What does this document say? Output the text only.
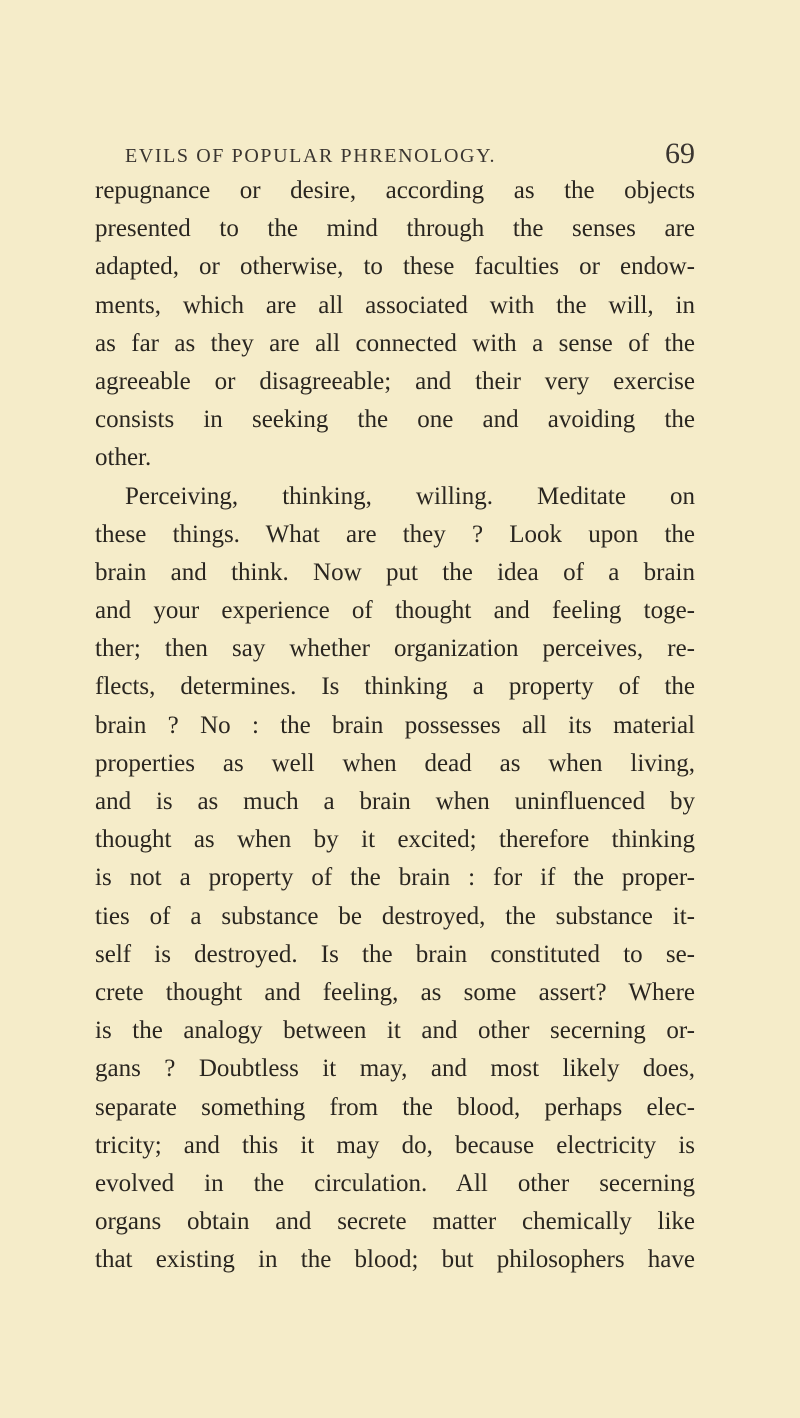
EVILS OF POPULAR PHRENOLOGY.	69
repugnance or desire, according as the objects
presented to the mind through the senses are
adapted, or otherwise, to these faculties or endow-
ments, which are all associated with the will, in
as far as they are all connected with a sense of the
agreeable or disagreeable; and their very exercise
consists in seeking the one and avoiding the
other.
Perceiving, thinking, willing. Meditate on
these things. What are they ? Look upon the
brain and think. Now put the idea of a brain
and your experience of thought and feeling toge-
ther; then say whether organization perceives, re-
flects, determines. Is thinking a property of the
brain ? No : the brain possesses all its material
properties as well when dead as when living,
and is as much a brain when uninfluenced by
thought as when by it excited; therefore thinking
is not a property of the brain : for if the proper-
ties of a substance be destroyed, the substance it-
self is destroyed. Is the brain constituted to se-
crete thought and feeling, as some assert? Where
is the analogy between it and other secerning or-
gans ? Doubtless it may, and most likely does,
separate something from the blood, perhaps elec-
tricity; and this it may do, because electricity is
evolved in the circulation. All other secerning
organs obtain and secrete matter chemically like
that existing in the blood; but philosophers have
